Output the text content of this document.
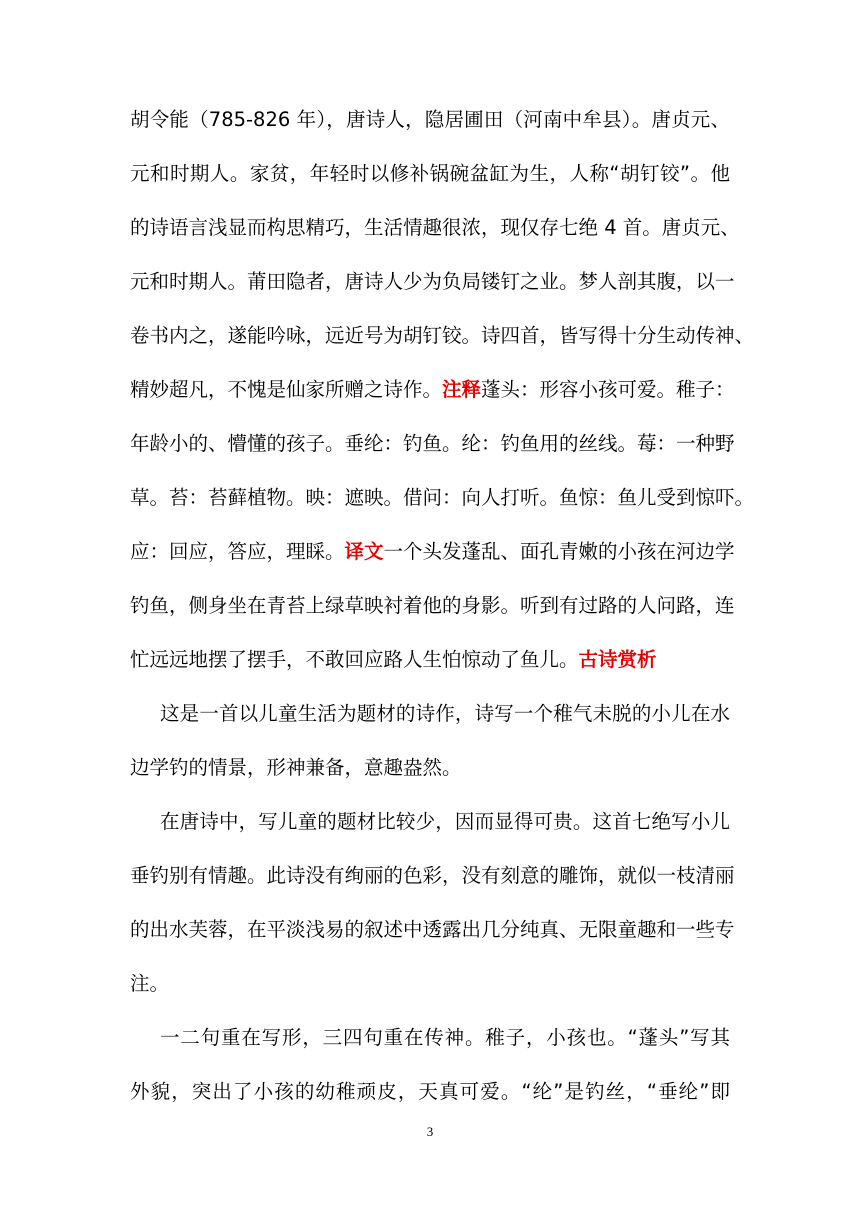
胡令能（785-826 年），唐诗人，隐居圃田（河南中牟县）。唐贞元、
元和时期人。家贫，年轻时以修补锅碗盆缸为生，人称“胡钉铰”。他
的诗语言浅显而构思精巧，生活情趣很浓，现仅存七绝 4 首。唐贞元、
元和时期人。莆田隐者，唐诗人少为负局镂钉之业。梦人剖其腹，以一
卷书内之，遂能吟咏，远近号为胡钉铰。诗四首，皆写得十分生动传神、
精妙超凡，不愧是仙家所赠之诗作。注释蓬头：形容小孩可爱。稚子：
年龄小的、懵懂的孩子。垂纶：钓鱼。纶：钓鱼用的丝线。莓：一种野
草。苔：苔藓植物。映：遮映。借问：向人打听。鱼惊：鱼儿受到惊吓。
应：回应，答应，理睬。译文一个头发蓬乱、面孔青嫩的小孩在河边学
钓鱼，侧身坐在青苔上绿草映衬着他的身影。听到有过路的人问路，连
忙远远地摆了摆手，不敢回应路人生怕惊动了鱼儿。古诗赏析
这是一首以儿童生活为题材的诗作，诗写一个稚气未脱的小儿在水
边学钓的情景，形神兼备，意趣盎然。
在唐诗中，写儿童的题材比较少，因而显得可贵。这首七绝写小儿
垂钓别有情趣。此诗没有绚丽的色彩，没有刻意的雕饰，就似一枝清丽
的出水芙蓉，在平淡浅易的叙述中透露出几分纯真、无限童趣和一些专
注。
一二句重在写形，三四句重在传神。稚子，小孩也。“蓬头”写其
外貌，突出了小孩的幼稚顽皮，天真可爱。“纶”是钓丝，“垂纶”即
3
